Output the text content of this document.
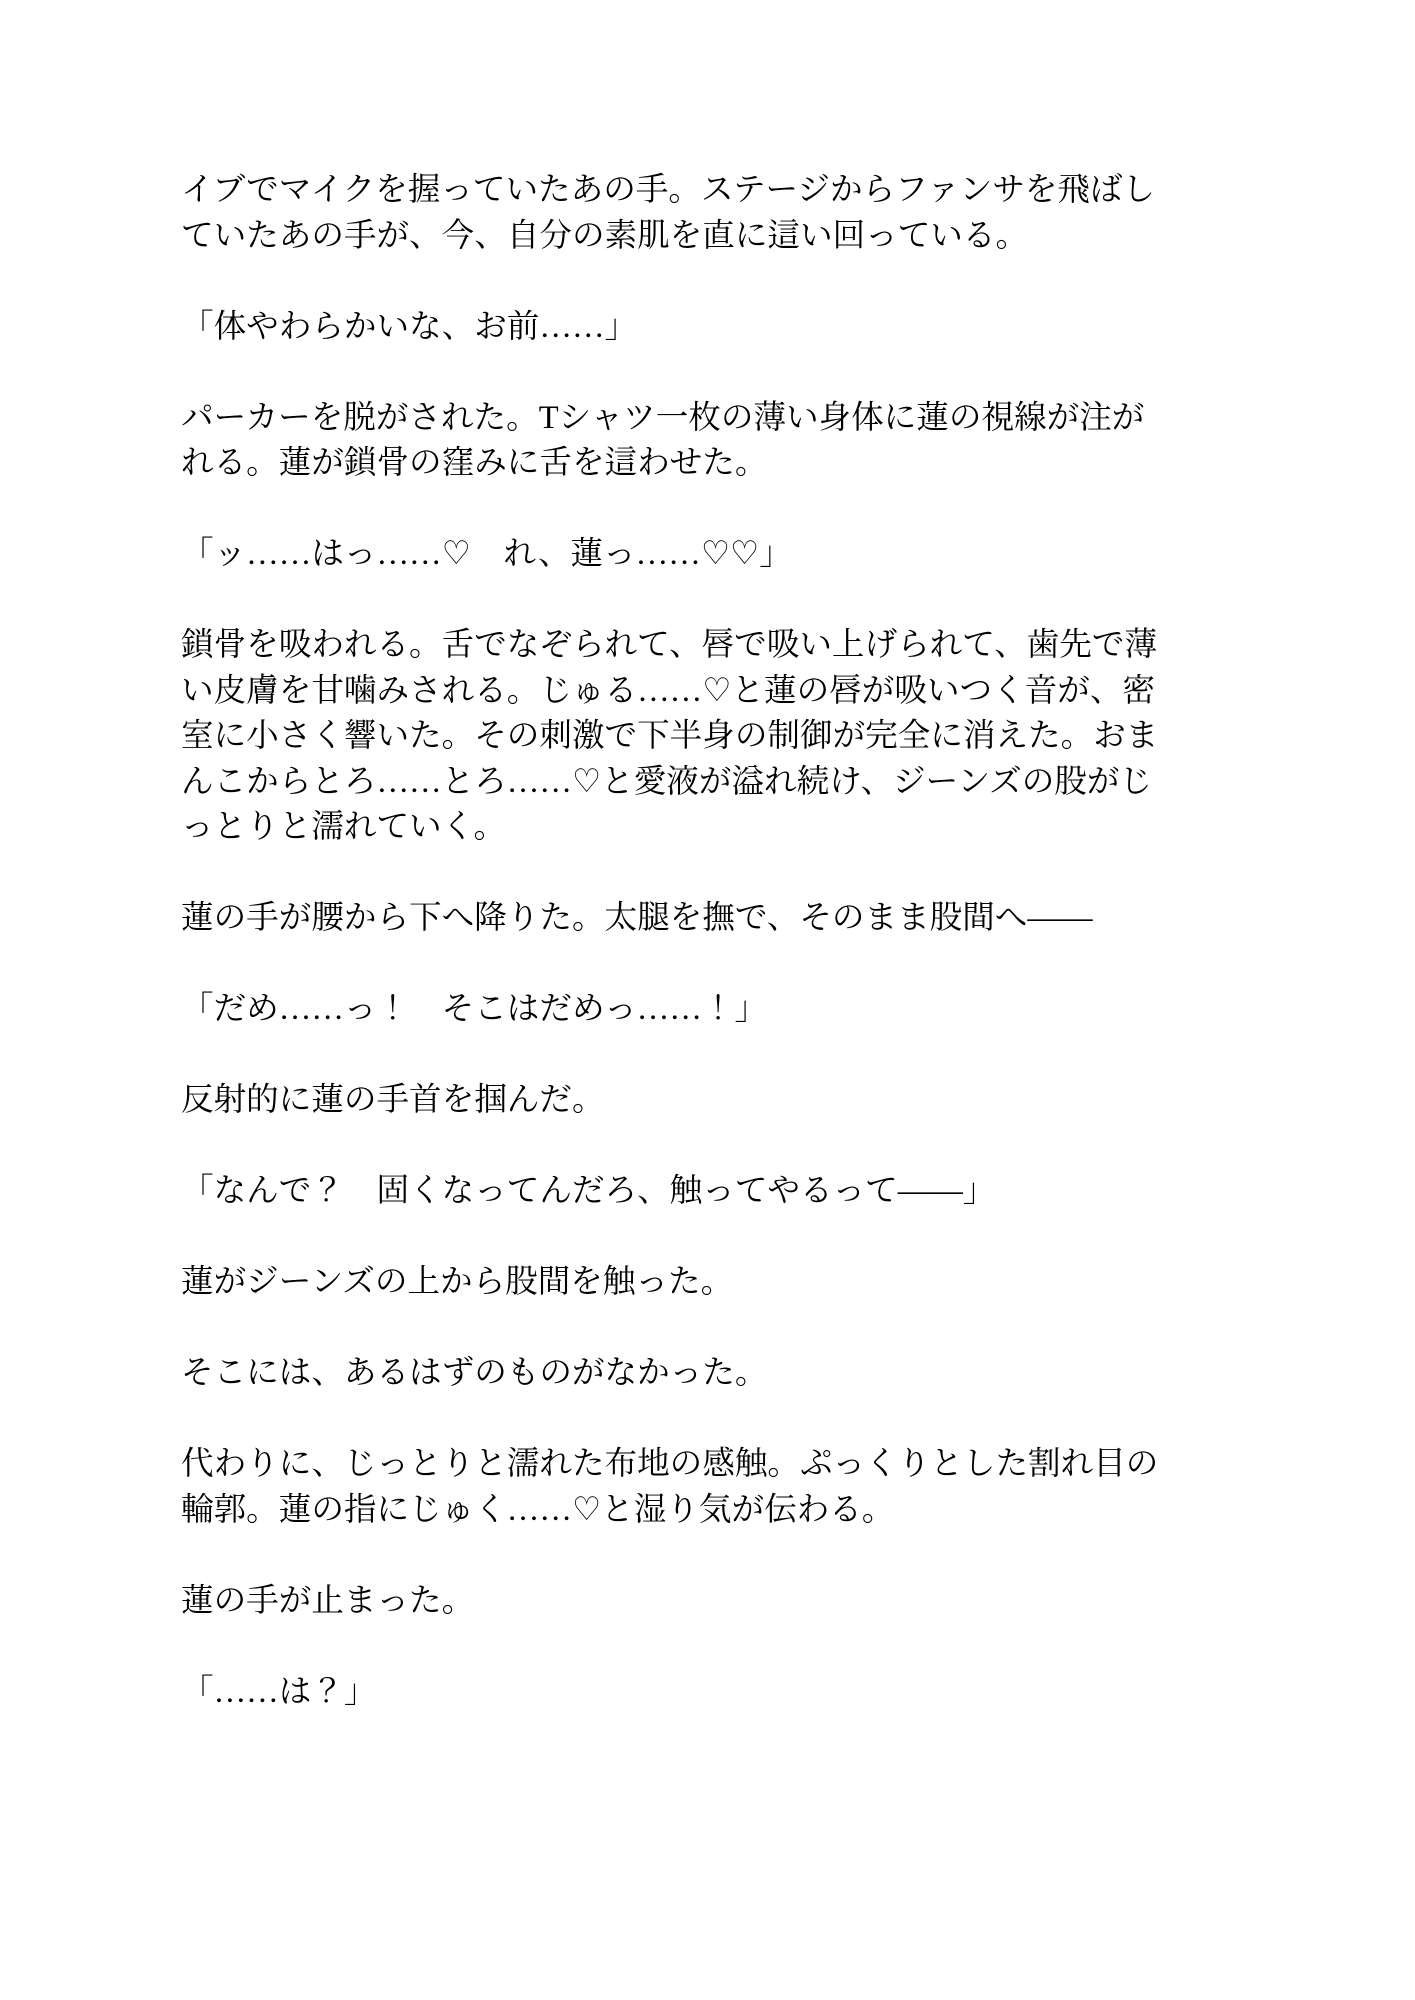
イブでマイクを握っていたあの手。ステージからファンサを飛ばし
ていたあの手が、今、自分の素肌を直に這い回っている。
「体やわらかいな、お前……」
パーカーを脱がされた。Tシャツ一枚の薄い身体に蓮の視線が注が
れる。蓮が鎖骨の窪みに舌を這わせた。
「ッ……はっ……♡　れ、蓮っ……♡♡」
鎖骨を吸われる。舌でなぞられて、唇で吸い上げられて、歯先で薄
い皮膚を甘噛みされる。じゅる……♡と蓮の唇が吸いつく音が、密
室に小さく響いた。その刺激で下半身の制御が完全に消えた。おま
んこからとろ……とろ……♡と愛液が溢れ続け、ジーンズの股がじ
っとりと濡れていく。
蓮の手が腰から下へ降りた。太腿を撫で、そのまま股間へ――
「だめ……っ！　そこはだめっ……！」
反射的に蓮の手首を掴んだ。
「なんで？　固くなってんだろ、触ってやるって――」
蓮がジーンズの上から股間を触った。
そこには、あるはずのものがなかった。
代わりに、じっとりと濡れた布地の感触。ぷっくりとした割れ目の
輪郭。蓮の指にじゅく……♡と湿り気が伝わる。
蓮の手が止まった。
「……は？」
